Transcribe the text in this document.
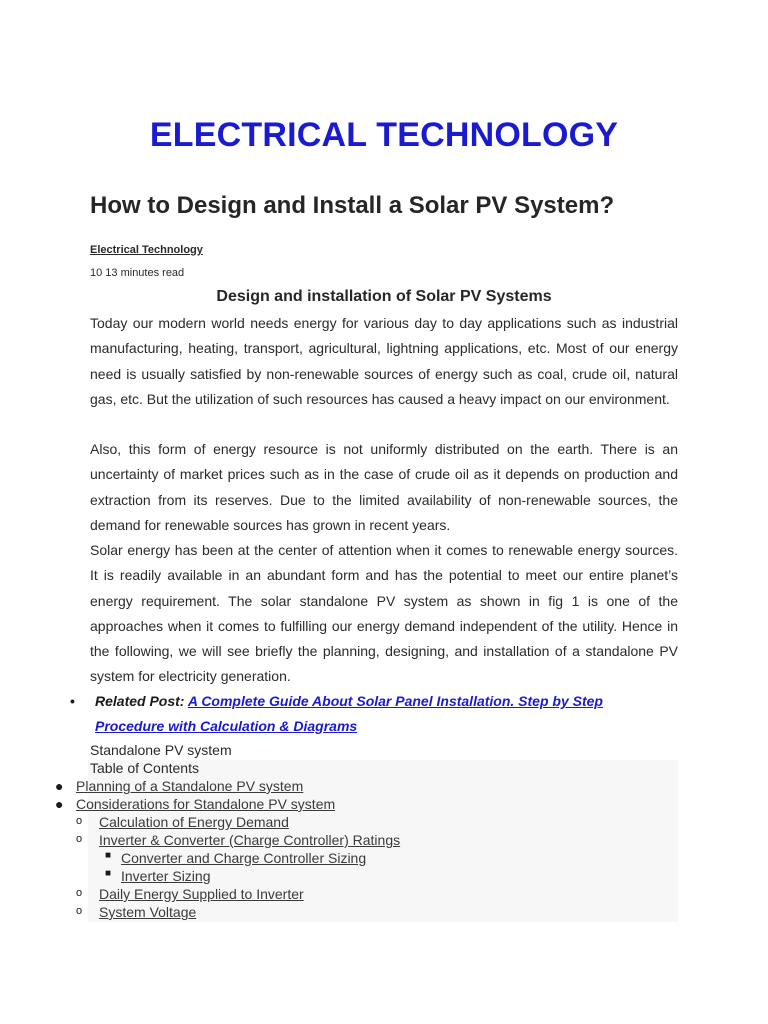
ELECTRICAL TECHNOLOGY
How to Design and Install a Solar PV System?
Electrical Technology
10 13 minutes read
Design and installation of Solar PV Systems
Today our modern world needs energy for various day to day applications such as industrial manufacturing, heating, transport, agricultural, lightning applications, etc. Most of our energy need is usually satisfied by non-renewable sources of energy such as coal, crude oil, natural gas, etc. But the utilization of such resources has caused a heavy impact on our environment.
Also, this form of energy resource is not uniformly distributed on the earth. There is an uncertainty of market prices such as in the case of crude oil as it depends on production and extraction from its reserves. Due to the limited availability of non-renewable sources, the demand for renewable sources has grown in recent years.
Solar energy has been at the center of attention when it comes to renewable energy sources. It is readily available in an abundant form and has the potential to meet our entire planet’s energy requirement. The solar standalone PV system as shown in fig 1 is one of the approaches when it comes to fulfilling our energy demand independent of the utility. Hence in the following, we will see briefly the planning, designing, and installation of a standalone PV system for electricity generation.
• Related Post: A Complete Guide About Solar Panel Installation. Step by Step Procedure with Calculation & Diagrams
Standalone PV system
Table of Contents
● Planning of a Standalone PV system
● Considerations for Standalone PV system
o Calculation of Energy Demand
o Inverter & Converter (Charge Controller) Ratings
■ Converter and Charge Controller Sizing
■ Inverter Sizing
o Daily Energy Supplied to Inverter
o System Voltage
